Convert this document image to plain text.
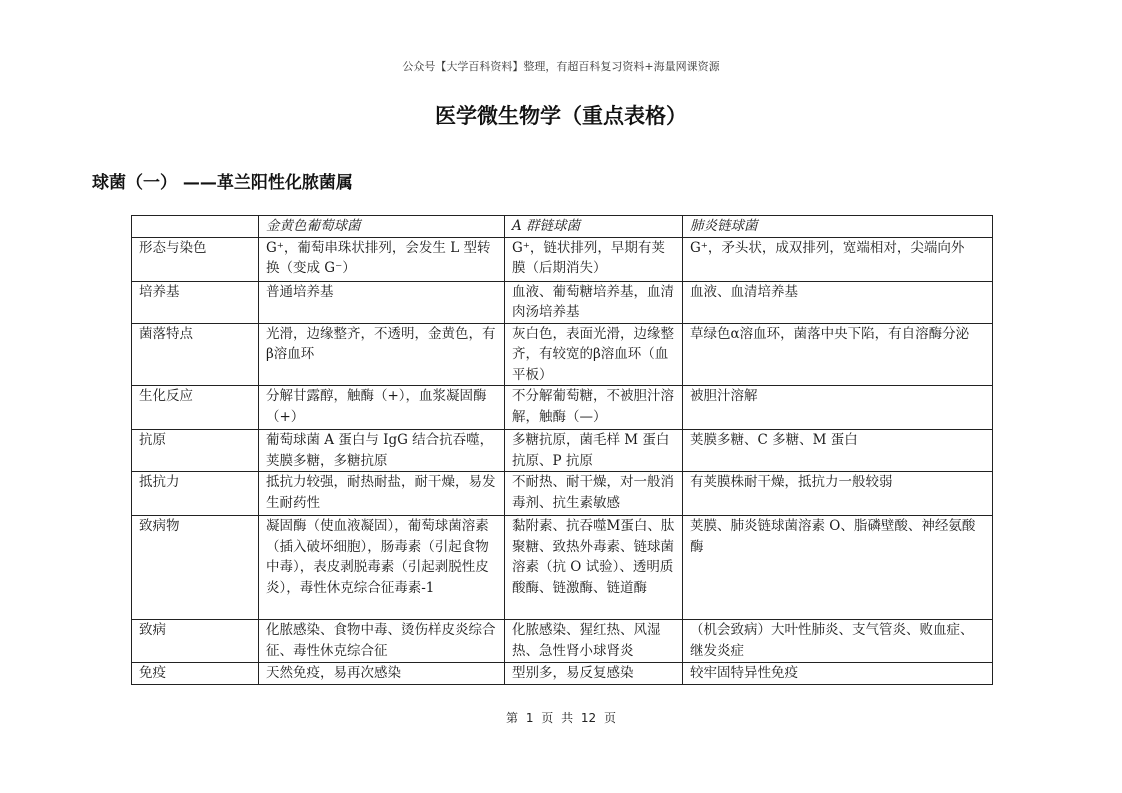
公众号【大学百科资料】整理，有超百科复习资料+海量网课资源
医学微生物学（重点表格）
球菌（一） ——革兰阳性化脓菌属
	金黄色葡萄球菌	A 群链球菌	肺炎链球菌
形态与染色	G⁺，葡萄串珠状排列，会发生 L 型转换（变成 G⁻）	G⁺，链状排列，早期有荚膜（后期消失）	G⁺，矛头状，成双排列，宽端相对，尖端向外
培养基	普通培养基	血液、葡萄糖培养基，血清肉汤培养基	血液、血清培养基
菌落特点	光滑，边缘整齐，不透明，金黄色，有β溶血环	灰白色，表面光滑，边缘整齐，有较宽的β溶血环（血平板）	草绿色α溶血环，菌落中央下陷，有自溶酶分泌
生化反应	分解甘露醇，触酶（+），血浆凝固酶（+）	不分解葡萄糖，不被胆汁溶解，触酶（—）	被胆汁溶解
抗原	葡萄球菌 A 蛋白与 IgG 结合抗吞噬，荚膜多糖，多糖抗原	多糖抗原，菌毛样 M 蛋白抗原、P 抗原	荚膜多糖、C 多糖、M 蛋白
抵抗力	抵抗力较强，耐热耐盐，耐干燥，易发生耐药性	不耐热、耐干燥，对一般消毒剂、抗生素敏感	有荚膜株耐干燥，抵抗力一般较弱
致病物	凝固酶（使血液凝固），葡萄球菌溶素（插入破坏细胞），肠毒素（引起食物中毒），表皮剥脱毒素（引起剥脱性皮炎），毒性休克综合征毒素-1	黏附素、抗吞噬M蛋白、肽聚糖、致热外毒素、链球菌溶素（抗 O 试验）、透明质酸酶、链激酶、链道酶	荚膜、肺炎链球菌溶素 O、脂磷壁酸、神经氨酸酶
致病	化脓感染、食物中毒、烫伤样皮炎综合征、毒性休克综合征	化脓感染、猩红热、风湿热、急性肾小球肾炎	（机会致病）大叶性肺炎、支气管炎、败血症、继发炎症
免疫	天然免疫，易再次感染	型别多，易反复感染	较牢固特异性免疫
第 1 页 共 12 页
